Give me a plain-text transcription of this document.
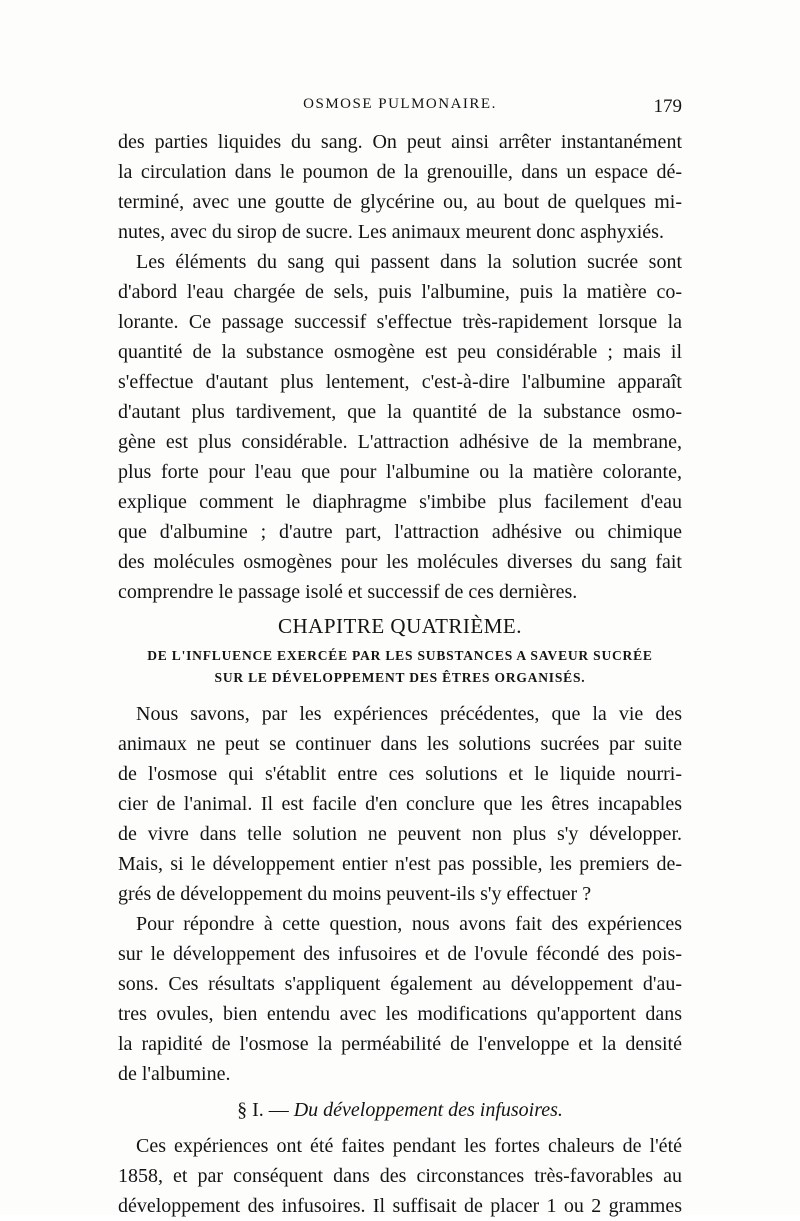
OSMOSE PULMONAIRE.	179
des parties liquides du sang. On peut ainsi arrêter instantanément
la circulation dans le poumon de la grenouille, dans un espace dé-
terminé, avec une goutte de glycérine ou, au bout de quelques mi-
nutes, avec du sirop de sucre. Les animaux meurent donc asphyxiés.
Les éléments du sang qui passent dans la solution sucrée sont
d'abord l'eau chargée de sels, puis l'albumine, puis la matière co-
lorante. Ce passage successif s'effectue très-rapidement lorsque la
quantité de la substance osmogène est peu considérable ; mais il
s'effectue d'autant plus lentement, c'est-à-dire l'albumine apparaît
d'autant plus tardivement, que la quantité de la substance osmo-
gène est plus considérable. L'attraction adhésive de la membrane,
plus forte pour l'eau que pour l'albumine ou la matière colorante,
explique comment le diaphragme s'imbibe plus facilement d'eau
que d'albumine ; d'autre part, l'attraction adhésive ou chimique
des molécules osmogènes pour les molécules diverses du sang fait
comprendre le passage isolé et successif de ces dernières.
CHAPITRE QUATRIÈME.
DE L'INFLUENCE EXERCÉE PAR LES SUBSTANCES A SAVEUR SUCRÉE
SUR LE DÉVELOPPEMENT DES ÊTRES ORGANISÉS.
Nous savons, par les expériences précédentes, que la vie des
animaux ne peut se continuer dans les solutions sucrées par suite
de l'osmose qui s'établit entre ces solutions et le liquide nourri-
cier de l'animal. Il est facile d'en conclure que les êtres incapables
de vivre dans telle solution ne peuvent non plus s'y développer.
Mais, si le développement entier n'est pas possible, les premiers de-
grés de développement du moins peuvent-ils s'y effectuer ?
Pour répondre à cette question, nous avons fait des expériences
sur le développement des infusoires et de l'ovule fécondé des pois-
sons. Ces résultats s'appliquent également au développement d'au-
tres ovules, bien entendu avec les modifications qu'apportent dans
la rapidité de l'osmose la perméabilité de l'enveloppe et la densité
de l'albumine.
§ I. — Du développement des infusoires.
Ces expériences ont été faites pendant les fortes chaleurs de l'été
1858, et par conséquent dans des circonstances très-favorables au
développement des infusoires. Il suffisait de placer 1 ou 2 grammes
